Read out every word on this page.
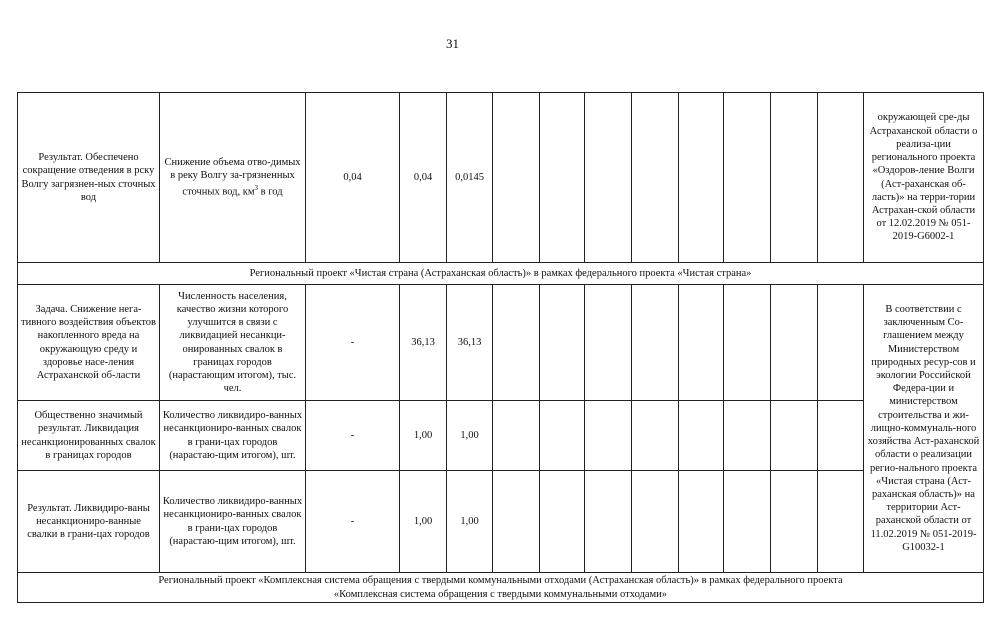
31
Результат. Обеспечено сокращение отведения в рску Волгу загрязнен-ных сточных вод	Снижение объема отво-димых в реку Волгу за-грязненных сточных вод, $км^3$ в год	0,04	0,04	0,0145									окружающей сре-ды Астраханской области о реализа-ции регионального проекта «Оздоров-ление Волги (Аст-раханская об-ласть)» на терри-тории Астрахан-ской области от 12.02.2019 № 051-2019-G6002-1
Региональный проект «Чистая страна (Астраханская область)» в рамках федерального проекта «Чистая страна»													
Задача. Снижение нега-тивного воздействия объектов накопленного вреда на окружающую среду и здоровье насе-ления Астраханской об-ласти	Численность населения, качество жизни которого улучшится в связи с ликвидацией несанкци-онированных свалок в границах городов (нарастающим итогом), тыс. чел.	-	36,13	36,13									В соответствии с заключенным Со-глашением между Министерством природных ресур-сов и экологии Российской Федера-ции и министерством строительства и жи-лищно-коммуналь-ного хозяйства Аст-раханской области о реализации регио-нального проекта «Чистая страна (Аст-раханская область)» на территории Аст-раханской области от 11.02.2019 № 051-2019-G10032-1
Общественно значимый результат. Ликвидация несанкционированных свалок в границах городов	Количество ликвидиро-ванных несанкциониро-ванных свалок в грани-цах городов (нарастаю-щим итогом), шт.	-	1,00	1,00									
Результат. Ликвидиро-ваны несанкциониро-ванные свалки в грани-цах городов	Количество ликвидиро-ванных несанкциониро-ванных свалок в грани-цах городов (нарастаю-щим итогом), шт.	-	1,00	1,00									
Региональный проект «Комплексная система обращения с твердыми коммунальными отходами (Астраханская область)» в рамках федерального проекта
«Комплексная система обращения с твердыми коммунальными отходами»													
